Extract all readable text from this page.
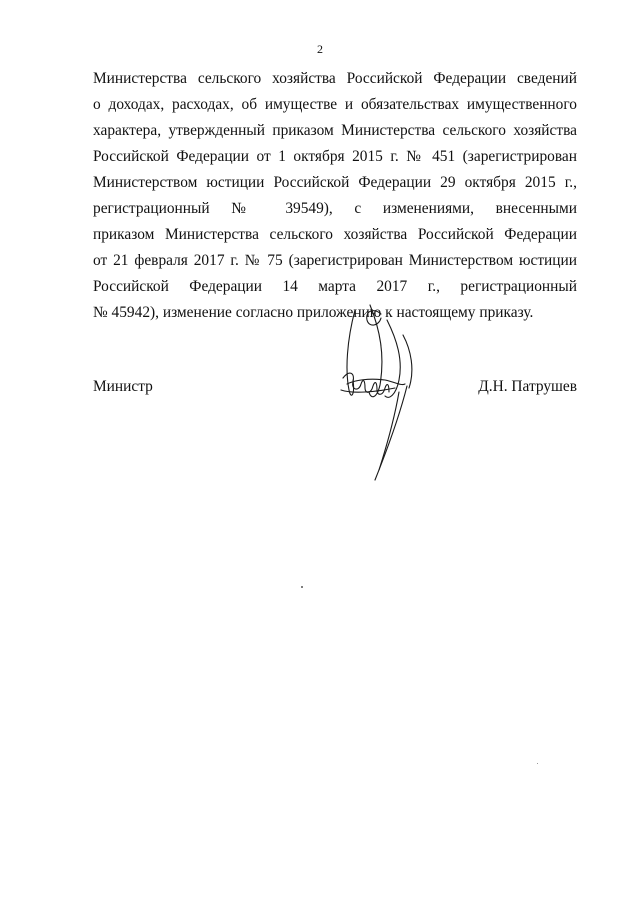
2
Министерства сельского хозяйства Российской Федерации сведений
о доходах, расходах, об имуществе и обязательствах имущественного
характера, утвержденный приказом Министерства сельского хозяйства
Российской Федерации от 1 октября 2015 г. № 451 (зарегистрирован
Министерством юстиции Российской Федерации 29 октября 2015 г.,
регистрационный № 39549), с изменениями, внесенными
приказом Министерства сельского хозяйства Российской Федерации
от 21 февраля 2017 г. № 75 (зарегистрирован Министерством юстиции
Российской Федерации 14 марта 2017 г., регистрационный
№ 45942), изменение согласно приложению к настоящему приказу.
Министр	Д.Н. Патрушев
